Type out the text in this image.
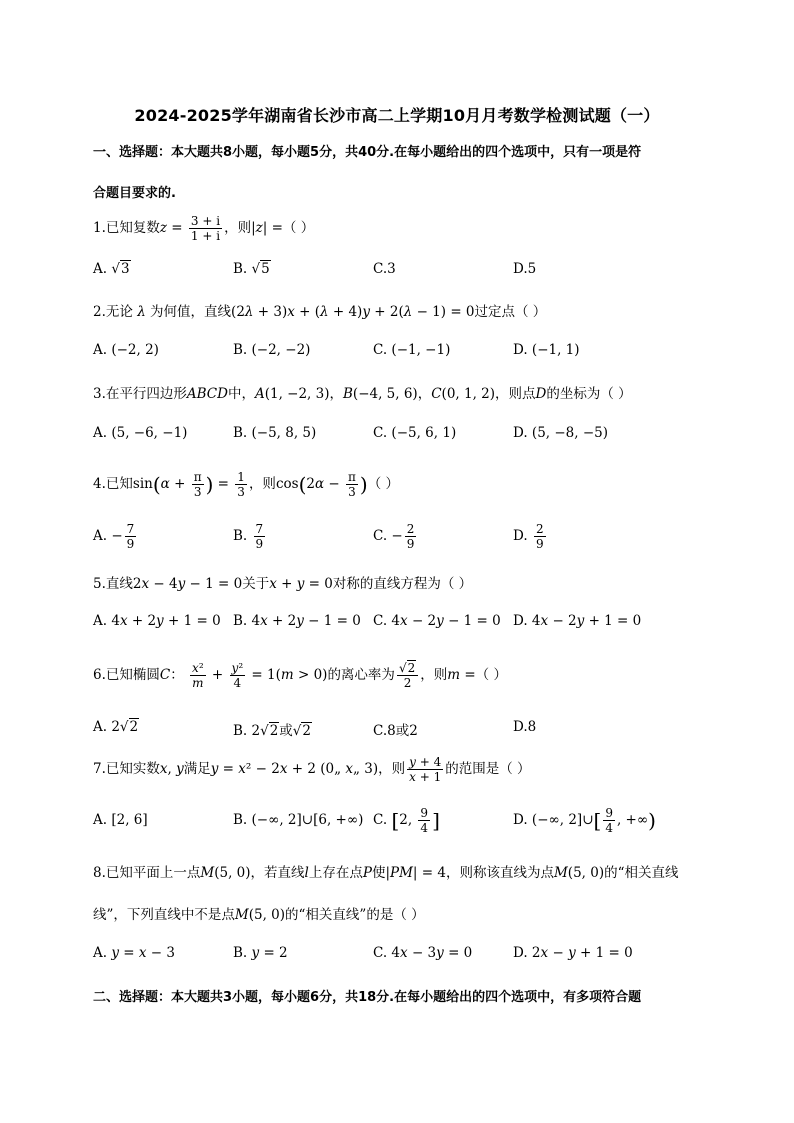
2024-2025学年湖南省长沙市高二上学期10月月考数学检测试题（一）
一、选择题：本大题共8小题，每小题5分，共40分.在每小题给出的四个选项中，只有一项是符
合题目要求的.
1.已知复数$z = \frac{3 + i}{1 + i}$ ，则|z| =（ ）
A. √3	B. √5	C.3	D.5
2.无论 λ 为何值，直线(2λ + 3)x + (λ + 4)y + 2(λ − 1) = 0过定点（ ）
A. (−2, 2)	B. (−2, −2)	C. (−1, −1)	D. (−1, 1)
3.在平行四边形ABCD中，A(1, −2, 3)，B(−4, 5, 6)，C(0, 1, 2)，则点D的坐标为（ ）
A. (5, −6, −1)	B. (−5, 8, 5)	C. (−5, 6, 1)	D. (5, −8, −5)
4.已知$\sin(\alpha + \frac{\pi}{3}$ ) = $\frac{1}{3}$ ，则$\cos(2\alpha - \frac{\pi}{3}$ )（ ）
A. − $\frac{7}{9}$	B. $\frac{7}{9}$	C. − $\frac{2}{9}$	D. $\frac{2}{9}$
5.直线2x − 4y − 1 = 0关于x + y = 0对称的直线方程为（ ）
A. 4x + 2y + 1 = 0 B. 4x + 2y − 1 = 0 C. 4x − 2y − 1 = 0 D. 4x − 2y + 1 = 0
6.已知椭圆C： $\frac{\text{x²}}{m} + \frac{\text{y²}}{4} = 1(m > 0)$的离心率为 $\frac{√2}{2}$ ，则m =（ ）
A. 2√2	B. 2√2或√2	C.8或2	D.8
7.已知实数x, y满足y = x² − 2x + 2 (0„ x„ 3)，则 $\frac{y + 4}{x + 1}$ 的范围是（ ）
A. [2, 6]	B. (−∞, 2]∪[6, +∞) C. [2, $\frac{9}{4}$ ]	D. (−∞, 2]∪[ $\frac{9}{4}$ , +∞)
8.已知平面上一点M(5, 0)，若直线l上存在点P使|PM| = 4，则称该直线为点M(5, 0)的“相关直线
线”，下列直线中不是点M(5, 0)的“相关直线”的是（ ）
A. y = x − 3	B. y = 2	C. 4x − 3y = 0	D. 2x − y + 1 = 0
二、选择题：本大题共3小题，每小题6分，共18分.在每小题给出的四个选项中，有多项符合题
